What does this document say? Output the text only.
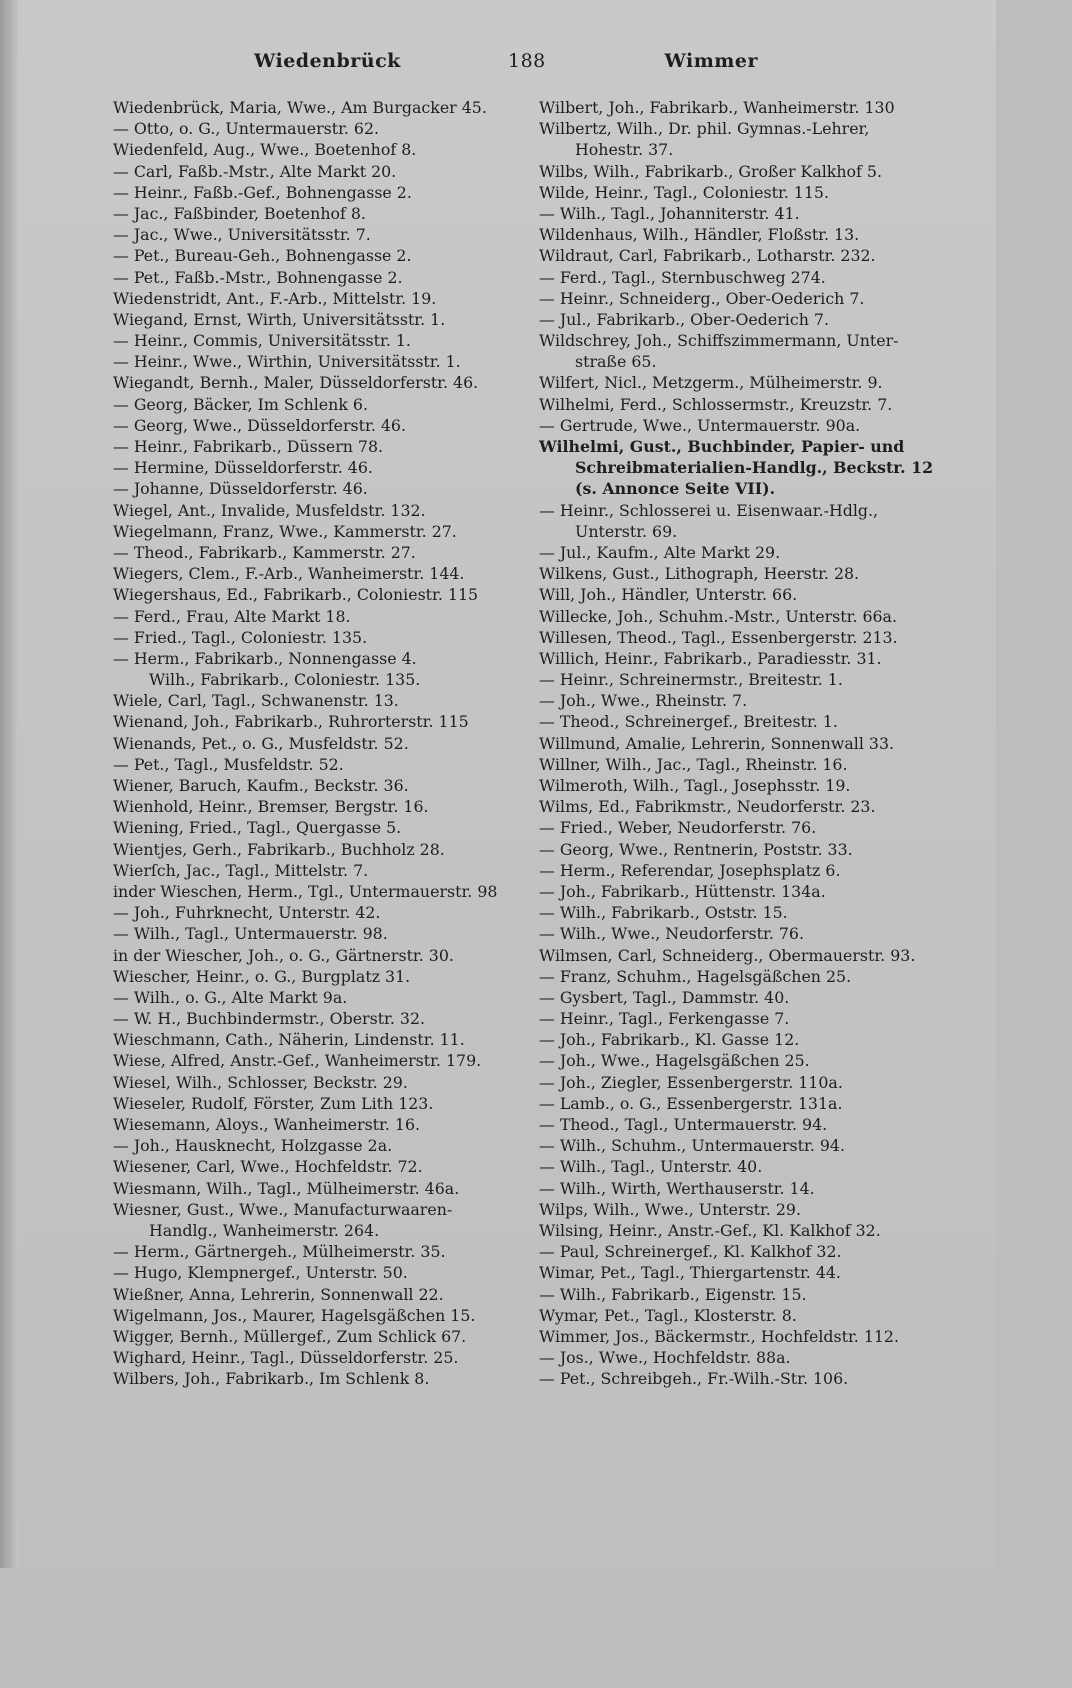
Wiedenbrück	188	Wimmer
Wiedenbrück, Maria, Wwe., Am Burgacker 45.
— Otto, o. G., Untermauerstr. 62.
Wiedenfeld, Aug., Wwe., Boetenhof 8.
— Carl, Faßb.-Mstr., Alte Markt 20.
— Heinr., Faßb.-Gef., Bohnengasse 2.
— Jac., Faßbinder, Boetenhof 8.
— Jac., Wwe., Universitätsstr. 7.
— Pet., Bureau-Geh., Bohnengasse 2.
— Pet., Faßb.-Mstr., Bohnengasse 2.
Wiedenstridt, Ant., F.-Arb., Mittelstr. 19.
Wiegand, Ernst, Wirth, Universitätsstr. 1.
— Heinr., Commis, Universitätsstr. 1.
— Heinr., Wwe., Wirthin, Universitätsstr. 1.
Wiegandt, Bernh., Maler, Düsseldorferstr. 46.
— Georg, Bäcker, Im Schlenk 6.
— Georg, Wwe., Düsseldorferstr. 46.
— Heinr., Fabrikarb., Düssern 78.
— Hermine, Düsseldorferstr. 46.
— Johanne, Düsseldorferstr. 46.
Wiegel, Ant., Invalide, Musfeldstr. 132.
Wiegelmann, Franz, Wwe., Kammerstr. 27.
— Theod., Fabrikarb., Kammerstr. 27.
Wiegers, Clem., F.-Arb., Wanheimerstr. 144.
Wiegershaus, Ed., Fabrikarb., Coloniestr. 115
— Ferd., Frau, Alte Markt 18.
— Fried., Tagl., Coloniestr. 135.
— Herm., Fabrikarb., Nonnengasse 4.
Wilh., Fabrikarb., Coloniestr. 135.
Wiele, Carl, Tagl., Schwanenstr. 13.
Wienand, Joh., Fabrikarb., Ruhrorterstr. 115
Wienands, Pet., o. G., Musfeldstr. 52.
— Pet., Tagl., Musfeldstr. 52.
Wiener, Baruch, Kaufm., Beckstr. 36.
Wienhold, Heinr., Bremser, Bergstr. 16.
Wiening, Fried., Tagl., Quergasse 5.
Wientjes, Gerh., Fabrikarb., Buchholz 28.
Wierſch, Jac., Tagl., Mittelstr. 7.
inder Wieschen, Herm., Tgl., Untermauerstr. 98
— Joh., Fuhrknecht, Unterstr. 42.
— Wilh., Tagl., Untermauerstr. 98.
in der Wiescher, Joh., o. G., Gärtnerstr. 30.
Wiescher, Heinr., o. G., Burgplatz 31.
— Wilh., o. G., Alte Markt 9a.
— W. H., Buchbindermstr., Oberstr. 32.
Wieschmann, Cath., Näherin, Lindenstr. 11.
Wiese, Alfred, Anstr.-Gef., Wanheimerstr. 179.
Wiesel, Wilh., Schlosser, Beckstr. 29.
Wieseler, Rudolf, Förster, Zum Lith 123.
Wiesemann, Aloys., Wanheimerstr. 16.
— Joh., Hausknecht, Holzgasse 2a.
Wiesener, Carl, Wwe., Hochfeldstr. 72.
Wiesmann, Wilh., Tagl., Mülheimerstr. 46a.
Wiesner, Gust., Wwe., Manufacturwaaren-
Handlg., Wanheimerstr. 264.
— Herm., Gärtnergeh., Mülheimerstr. 35.
— Hugo, Klempnergef., Unterstr. 50.
Wießner, Anna, Lehrerin, Sonnenwall 22.
Wigelmann, Jos., Maurer, Hagelsgäßchen 15.
Wigger, Bernh., Müllergef., Zum Schlick 67.
Wighard, Heinr., Tagl., Düsseldorferstr. 25.
Wilbers, Joh., Fabrikarb., Im Schlenk 8.
Wilbert, Joh., Fabrikarb., Wanheimerstr. 130
Wilbertz, Wilh., Dr. phil. Gymnas.-Lehrer,
Hohestr. 37.
Wilbs, Wilh., Fabrikarb., Großer Kalkhof 5.
Wilde, Heinr., Tagl., Coloniestr. 115.
— Wilh., Tagl., Johanniterstr. 41.
Wildenhaus, Wilh., Händler, Floßstr. 13.
Wildraut, Carl, Fabrikarb., Lotharstr. 232.
— Ferd., Tagl., Sternbuschweg 274.
— Heinr., Schneiderg., Ober-Oederich 7.
— Jul., Fabrikarb., Ober-Oederich 7.
Wildschrey, Joh., Schiffszimmermann, Unter-
straße 65.
Wilfert, Nicl., Metzgerm., Mülheimerstr. 9.
Wilhelmi, Ferd., Schlossermstr., Kreuzstr. 7.
— Gertrude, Wwe., Untermauerstr. 90a.
Wilhelmi, Gust., Buchbinder, Papier- und
Schreibmaterialien-Handlg., Beckstr. 12
(s. Annonce Seite VII).
— Heinr., Schlosserei u. Eisenwaar.-Hdlg.,
Unterstr. 69.
— Jul., Kaufm., Alte Markt 29.
Wilkens, Gust., Lithograph, Heerstr. 28.
Will, Joh., Händler, Unterstr. 66.
Willecke, Joh., Schuhm.-Mstr., Unterstr. 66a.
Willesen, Theod., Tagl., Essenbergerstr. 213.
Willich, Heinr., Fabrikarb., Paradiesstr. 31.
— Heinr., Schreinermstr., Breitestr. 1.
— Joh., Wwe., Rheinstr. 7.
— Theod., Schreinergef., Breitestr. 1.
Willmund, Amalie, Lehrerin, Sonnenwall 33.
Willner, Wilh., Jac., Tagl., Rheinstr. 16.
Wilmeroth, Wilh., Tagl., Josephsstr. 19.
Wilms, Ed., Fabrikmstr., Neudorferstr. 23.
— Fried., Weber, Neudorferstr. 76.
— Georg, Wwe., Rentnerin, Poststr. 33.
— Herm., Referendar, Josephsplatz 6.
— Joh., Fabrikarb., Hüttenstr. 134a.
— Wilh., Fabrikarb., Oststr. 15.
— Wilh., Wwe., Neudorferstr. 76.
Wilmsen, Carl, Schneiderg., Obermauerstr. 93.
— Franz, Schuhm., Hagelsgäßchen 25.
— Gysbert, Tagl., Dammstr. 40.
— Heinr., Tagl., Ferkengasse 7.
— Joh., Fabrikarb., Kl. Gasse 12.
— Joh., Wwe., Hagelsgäßchen 25.
— Joh., Ziegler, Essenbergerstr. 110a.
— Lamb., o. G., Essenbergerstr. 131a.
— Theod., Tagl., Untermauerstr. 94.
— Wilh., Schuhm., Untermauerstr. 94.
— Wilh., Tagl., Unterstr. 40.
— Wilh., Wirth, Werthauserstr. 14.
Wilps, Wilh., Wwe., Unterstr. 29.
Wilsing, Heinr., Anstr.-Gef., Kl. Kalkhof 32.
— Paul, Schreinergef., Kl. Kalkhof 32.
Wimar, Pet., Tagl., Thiergartenstr. 44.
— Wilh., Fabrikarb., Eigenstr. 15.
Wymar, Pet., Tagl., Klosterstr. 8.
Wimmer, Jos., Bäckermstr., Hochfeldstr. 112.
— Jos., Wwe., Hochfeldstr. 88a.
— Pet., Schreibgeh., Fr.-Wilh.-Str. 106.
